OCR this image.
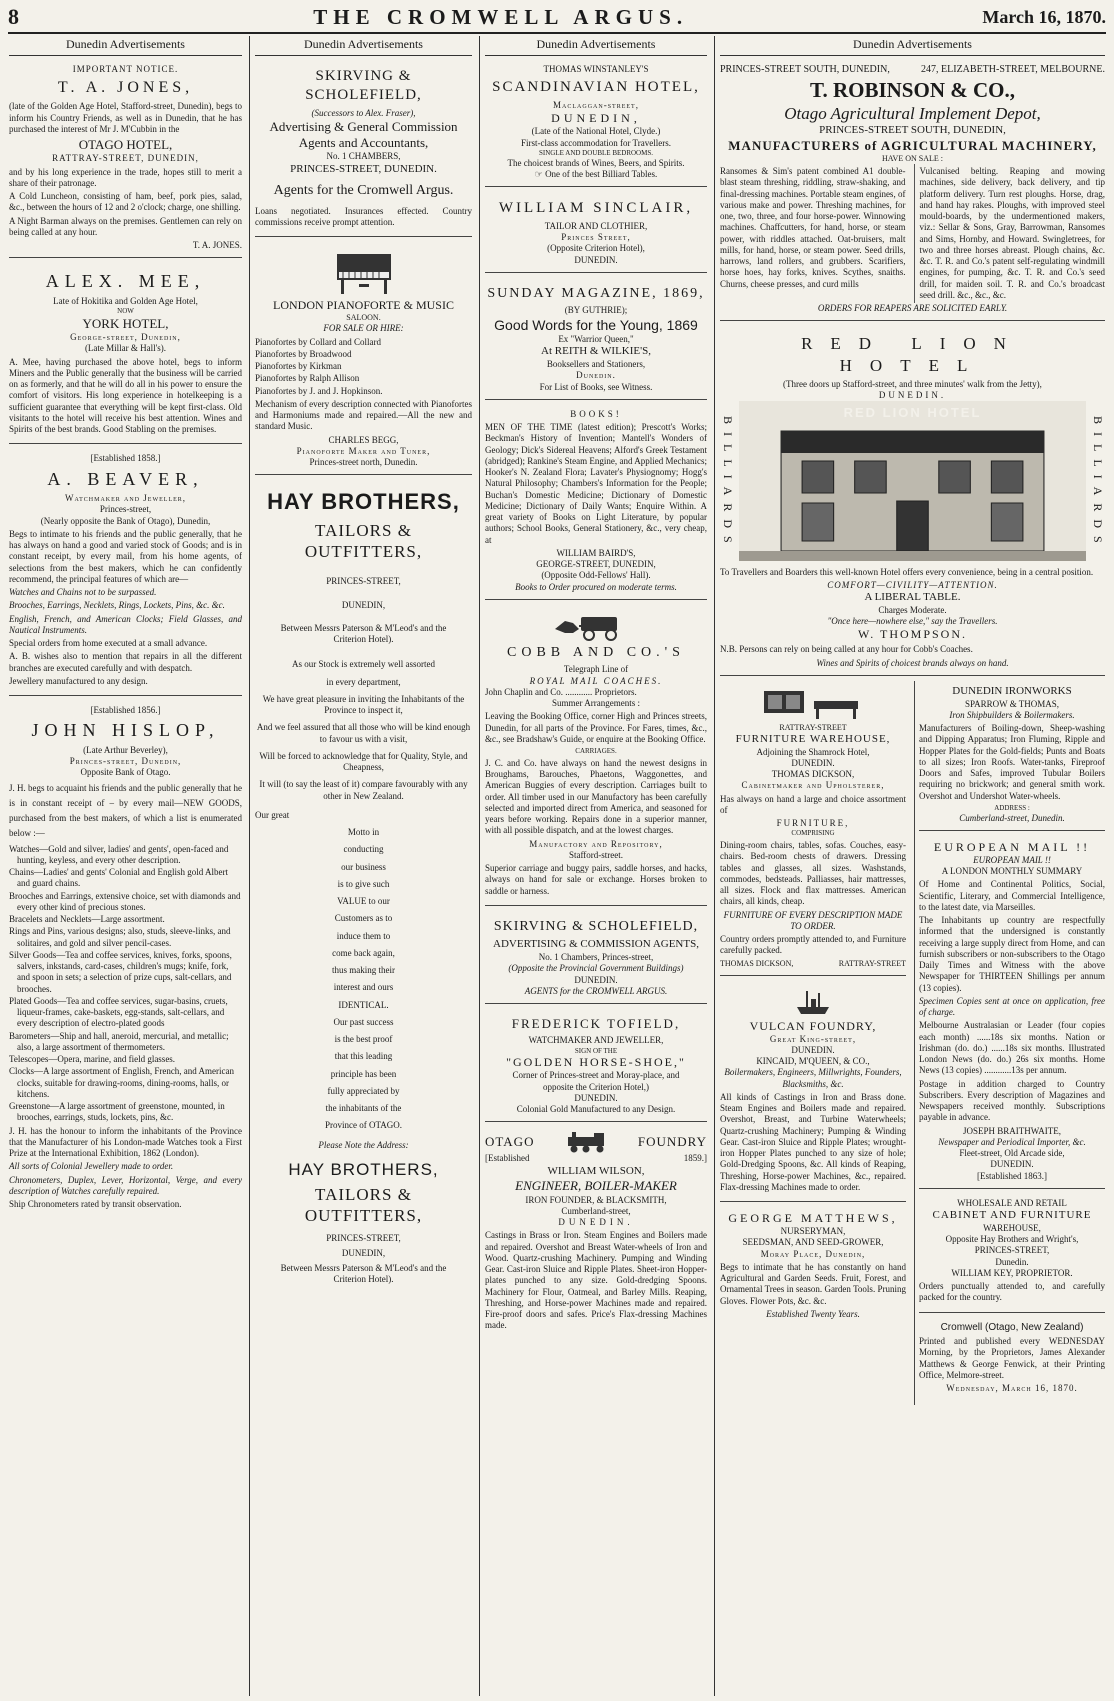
8	THE CROMWELL ARGUS.	March 16, 1870.
Dunedin Advertisements
IMPORTANT NOTICE.
T. A. JONES,

(late of the Golden Age Hotel, Stafford-street, Dunedin), begs to inform his Country Friends, as well as in Dunedin, that he has purchased the interest of Mr J. M'Cubbin in the

OTAGO HOTEL,
RATTRAY-STREET, DUNEDIN,

and by his long experience in the trade, hopes still to merit a share of their patronage.

A Cold Luncheon, consisting of ham, beef, pork pies, salad, &c., between the hours of 12 and 2 o'clock; charge, one shilling.

A Night Barman always on the premises. Gentlemen can rely on being called at any hour.

T. A. JONES.
ALEX. MEE,
Late of Hokitika and Golden Age Hotel,
NOW
YORK HOTEL,
George-street, Dunedin,
(Late Millar & Hall's).

A. Mee, having purchased the above hotel, begs to inform Miners and the Public generally that the business will be carried on as formerly, and that he will do all in his power to ensure the comfort of visitors. His long experience in hotelkeeping is a sufficient guarantee that everything will be kept first-class. Old visitants to the hotel will receive his best attention. Wines and Spirits of the best brands. Good Stabling on the premises.

[Established 1858.]
A. BEAVER,
Watchmaker and Jeweller,
Princes-street,
(Nearly opposite the Bank of Otago), Dunedin,

Begs to intimate to his friends and the public generally, that he has always on hand a good and varied stock of Goods; and is in constant receipt, by every mail, from his home agents, of selections from the best makers, which he can confidently recommend, the principal features of which are—

Watches and Chains not to be surpassed.

Brooches, Earrings, Necklets, Rings, Lockets, Pins, &c. &c.

English, French, and American Clocks; Field Glasses, and Nautical Instruments.

Special orders from home executed at a small advance.

A. B. wishes also to mention that repairs in all the different branches are executed carefully and with despatch.

Jewellery manufactured to any design.

[Established 1856.]
JOHN HISLOP,
(Late Arthur Beverley),
Princes-street, Dunedin,
Opposite Bank of Otago.

J. H. begs to acquaint his friends and the public generally that he is in constant receipt of – by every mail—NEW GOODS, purchased from the best makers, of which a list is enumerated below :—

Watches—Gold and silver, ladies' and gents', open-faced and hunting, keyless, and every other description.
Chains—Ladies' and gents' Colonial and English gold Albert and guard chains.
Brooches and Earrings, extensive choice, set with diamonds and every other kind of precious stones.
Bracelets and Necklets—Large assortment.
Rings and Pins, various designs; also, studs, sleeve-links, and solitaires, and gold and silver pencil-cases.
Silver Goods—Tea and coffee services, knives, forks, spoons, salvers, inkstands, card-cases, children's mugs; knife, fork, and spoon in sets; a selection of prize cups, salt-cellars, and brooches.
Plated Goods—Tea and coffee services, sugar-basins, cruets, liqueur-frames, cake-baskets, egg-stands, salt-cellars, and every description of electro-plated goods
Barometers—Ship and hall, aneroid, mercurial, and metallic; also, a large assortment of thermometers.
Telescopes—Opera, marine, and field glasses.
Clocks—A large assortment of English, French, and American clocks, suitable for drawing-rooms, dining-rooms, halls, or kitchens.
Greenstone—A large assortment of greenstone, mounted, in brooches, earrings, studs, lockets, pins, &c.

J. H. has the honour to inform the inhabitants of the Province that the Manufacturer of his London-made Watches took a First Prize at the International Exhibition, 1862 (London).

All sorts of Colonial Jewellery made to order.

Chronometers, Duplex, Lever, Horizontal, Verge, and every description of Watches carefully repaired.

Ship Chronometers rated by transit observation.

Dunedin Advertisements
SKIRVING & SCHOLEFIELD,
(Successors to Alex. Fraser),
Advertising & General Commission
Agents and Accountants,
No. 1 CHAMBERS,
PRINCES-STREET, DUNEDIN.
Agents for the Cromwell Argus.

Loans negotiated. Insurances effected. Country commissions receive prompt attention.

LONDON PIANOFORTE & MUSIC
SALOON.
FOR SALE OR HIRE:
Pianofortes by Collard and Collard
Pianofortes by Broadwood
Pianofortes by Kirkman
Pianofortes by Ralph Allison
Pianofortes by J. and J. Hopkinson.

Mechanism of every description connected with Pianofortes and Harmoniums made and repaired.—All the new and standard Music.

CHARLES BEGG,
Pianoforte Maker and Tuner,
Princes-street north, Dunedin.
HAY BROTHERS,
TAILORS & OUTFITTERS,
PRINCES-STREET,
DUNEDIN,
Between Messrs Paterson & M'Leod's and the
Criterion Hotel).

As our Stock is extremely well assorted

in every department,

We have great pleasure in inviting the Inhabitants of the Province to inspect it,

And we feel assured that all those who will be kind enough to favour us with a visit,

Will be forced to acknowledge that for Quality, Style, and Cheapness,

It will (to say the least of it) compare favourably with any other in New Zealand.

Our great

Motto in

conducting

our business

is to give such

VALUE to our

Customers as to

induce them to

come back again,

thus making their

interest and ours

IDENTICAL.

Our past success

is the best proof

that this leading

principle has been

fully appreciated by

the inhabitants of the

Province of OTAGO.

Please Note the Address:
HAY BROTHERS,
TAILORS & OUTFITTERS,
PRINCES-STREET,
DUNEDIN,
Between Messrs Paterson & M'Leod's and the
Criterion Hotel).
Dunedin Advertisements
THOMAS WINSTANLEY'S
SCANDINAVIAN HOTEL,
Maclaggan-street,
DUNEDIN,
(Late of the National Hotel, Clyde.)
First-class accommodation for Travellers.
SINGLE AND DOUBLE BEDROOMS.
The choicest brands of Wines, Beers, and Spirits.
☞ One of the best Billiard Tables.
WILLIAM SINCLAIR,
TAILOR AND CLOTHIER,
Princes Street,
(Opposite Criterion Hotel),
DUNEDIN.
SUNDAY MAGAZINE, 1869,
(BY GUTHRIE);
Good Words for the Young, 1869
Ex "Warrior Queen,"
At REITH & WILKIE'S,
Booksellers and Stationers,
Dunedin.
For List of Books, see Witness.
BOOKS!

MEN OF THE TIME (latest edition); Prescott's Works; Beckman's History of Invention; Mantell's Wonders of Geology; Dick's Sidereal Heavens; Alford's Greek Testament (abridged); Rankine's Steam Engine, and Applied Mechanics; Hooker's N. Zealand Flora; Lavater's Physiognomy; Hogg's Natural Philosophy; Chambers's Information for the People; Buchan's Domestic Medicine; Dictionary of Domestic Medicine; Dictionary of Daily Wants; Enquire Within. A great variety of Books on Light Literature, by popular authors; School Books, General Stationery, &c., very cheap, at

WILLIAM BAIRD'S,
GEORGE-STREET, DUNEDIN,
(Opposite Odd-Fellows' Hall).
Books to Order procured on moderate terms.
COBB AND CO.'S
Telegraph Line of
ROYAL MAIL COACHES.
John Chaplin and Co. ............ Proprietors.
Summer Arrangements :

Leaving the Booking Office, corner High and Princes streets, Dunedin, for all parts of the Province. For Fares, times, &c., &c., see Bradshaw's Guide, or enquire at the Booking Office.

CARRIAGES.

J. C. and Co. have always on hand the newest designs in Broughams, Barouches, Phaetons, Waggonettes, and American Buggies of every description. Carriages built to order. All timber used in our Manufactory has been carefully selected and imported direct from America, and seasoned for years before working. Repairs done in a superior manner, with all possible dispatch, and at the lowest charges.

Manufactory and Repository,
Stafford-street.

Superior carriage and buggy pairs, saddle horses, and hacks, always on hand for sale or exchange. Horses broken to saddle or harness.

SKIRVING & SCHOLEFIELD,
ADVERTISING & COMMISSION AGENTS,
No. 1 Chambers, Princes-street,
(Opposite the Provincial Government Buildings)
DUNEDIN.
AGENTS for the CROMWELL ARGUS.
FREDERICK TOFIELD,
WATCHMAKER AND JEWELLER,
SIGN OF THE
"GOLDEN HORSE-SHOE,"
Corner of Princes-street and Moray-place, and
opposite the Criterion Hotel,)
DUNEDIN.
Colonial Gold Manufactured to any Design.
OTAGO	FOUNDRY
[Established	1859.]
WILLIAM WILSON,
ENGINEER, BOILER-MAKER
IRON FOUNDER, & BLACKSMITH,
Cumberland-street,
DUNEDIN.

Castings in Brass or Iron. Steam Engines and Boilers made and repaired. Overshot and Breast Water-wheels of Iron and Wood. Quartz-crushing Machinery. Pumping and Winding Gear. Cast-iron Sluice and Ripple Plates. Sheet-iron Hopper-plates punched to any size. Gold-dredging Spoons. Machinery for Flour, Oatmeal, and Barley Mills. Reaping, Threshing, and Horse-power Machines made and repaired. Fire-proof doors and safes. Price's Flax-dressing Machines made.

Dunedin Advertisements
PRINCES-STREET SOUTH, DUNEDIN,	247, ELIZABETH-STREET, MELBOURNE.
T. ROBINSON & CO.,
Otago Agricultural Implement Depot,
PRINCES-STREET SOUTH, DUNEDIN,
MANUFACTURERS of AGRICULTURAL MACHINERY,
HAVE ON SALE :

Ransomes & Sim's patent combined A1 double-blast steam threshing, riddling, straw-shaking, and final-dressing machines. Portable steam engines, of various make and power. Threshing machines, for one, two, three, and four horse-power. Winnowing machines. Chaffcutters, for hand, horse, or steam power, with riddles attached. Oat-bruisers, malt mills, for hand, horse, or steam power. Seed drills, harrows, land rollers, and grubbers. Scarifiers, horse hoes, hay forks, knives. Scythes, snaiths. Churns, cheese presses, and curd mills

Vulcanised belting. Reaping and mowing machines, side delivery, back delivery, and tip platform delivery. Turn rest ploughs. Horse, drag, and hand hay rakes. Ploughs, with improved steel mould-boards, by the undermentioned makers, viz.: Sellar & Sons, Gray, Barrowman, Ransomes and Sims, Hornby, and Howard. Swingletrees, for two and three horses abreast. Plough chains, &c. &c. T. R. and Co.'s patent self-regulating windmill engines, for pumping, &c. T. R. and Co.'s seed drill, for maiden soil. T. R. and Co.'s broadcast seed drill. &c., &c., &c.

ORDERS FOR REAPERS ARE SOLICITED EARLY.
RED LION HOTEL
(Three doors up Stafford-street, and three minutes' walk from the Jetty),
DUNEDIN.
BILLIARDS
RED LION HOTEL
BILLIARDS

To Travellers and Boarders this well-known Hotel offers every convenience, being in a central position.

COMFORT—CIVILITY—ATTENTION.
A LIBERAL TABLE.
Charges Moderate.
"Once here—nowhere else," say the Travellers.
W. THOMPSON.

N.B. Persons can rely on being called at any hour for Cobb's Coaches.

Wines and Spirits of choicest brands always on hand.
RATTRAY-STREET
FURNITURE WAREHOUSE,
Adjoining the Shamrock Hotel,
DUNEDIN.
THOMAS DICKSON,
Cabinetmaker and Upholsterer,

Has always on hand a large and choice assortment of

FURNITURE,
COMPRISING

Dining-room chairs, tables, sofas. Couches, easy-chairs. Bed-room chests of drawers. Dressing tables and glasses, all sizes. Washstands, commodes, bedsteads. Palliasses, hair mattresses, all sizes. Flock and flax mattresses. American chairs, all kinds, cheap.

FURNITURE OF EVERY DESCRIPTION MADE TO ORDER.

Country orders promptly attended to, and Furniture carefully packed.

THOMAS DICKSON,	RATTRAY-STREET
VULCAN FOUNDRY,
Great King-street,
DUNEDIN.
KINCAID, M'QUEEN, & CO.,
Boilermakers, Engineers, Millwrights, Founders, Blacksmiths, &c.

All kinds of Castings in Iron and Brass done. Steam Engines and Boilers made and repaired. Overshot, Breast, and Turbine Waterwheels; Quartz-crushing Machinery; Pumping & Winding Gear. Cast-iron Sluice and Ripple Plates; wrought-iron Hopper Plates punched to any size of hole; Gold-Dredging Spoons, &c. All kinds of Reaping, Threshing, Horse-power Machines, &c., repaired. Flax-dressing Machines made to order.

GEORGE MATTHEWS,
NURSERYMAN,
SEEDSMAN, AND SEED-GROWER,
Moray Place, Dunedin,

Begs to intimate that he has constantly on hand Agricultural and Garden Seeds. Fruit, Forest, and Ornamental Trees in season. Garden Tools. Pruning Gloves. Flower Pots, &c. &c.

Established Twenty Years.
DUNEDIN IRONWORKS
SPARROW & THOMAS,
Iron Shipbuilders & Boilermakers.

Manufacturers of Boiling-down, Sheep-washing and Dipping Apparatus; Iron Fluming, Ripple and Hopper Plates for the Gold-fields; Punts and Boats to all sizes; Iron Roofs. Water-tanks, Fireproof Doors and Safes, improved Tubular Boilers requiring no brickwork; and general smith work. Overshot and Undershot Water-wheels.

ADDRESS :
Cumberland-street, Dunedin.
EUROPEAN MAIL !!
EUROPEAN MAIL !!
A LONDON MONTHLY SUMMARY

Of Home and Continental Politics, Social, Scientific, Literary, and Commercial Intelligence, to the latest date, via Marseilles.

The Inhabitants up country are respectfully informed that the undersigned is constantly receiving a large supply direct from Home, and can furnish subscribers or non-subscribers to the Otago Daily Times and Witness with the above Newspaper for THIRTEEN Shillings per annum (13 copies).

Specimen Copies sent at once on application, free of charge.

Melbourne Australasian or Leader (four copies each month) ......18s six months. Nation or Irishman (do. do.) ......18s six months. Illustrated London News (do. do.) 26s six months. Home News (13 copies) ............13s per annum.

Postage in addition charged to Country Subscribers. Every description of Magazines and Newspapers received monthly. Subscriptions payable in advance.

JOSEPH BRAITHWAITE,
Newspaper and Periodical Importer, &c.
Fleet-street, Old Arcade side,
DUNEDIN.
[Established 1863.]
WHOLESALE AND RETAIL
CABINET AND FURNITURE
WAREHOUSE,
Opposite Hay Brothers and Wright's,
PRINCES-STREET,
Dunedin.
WILLIAM KEY, PROPRIETOR.

Orders punctually attended to, and carefully packed for the country.

Cromwell (Otago, New Zealand)

Printed and published every WEDNESDAY Morning, by the Proprietors, James Alexander Matthews & George Fenwick, at their Printing Office, Melmore-street.

Wednesday, March 16, 1870.
